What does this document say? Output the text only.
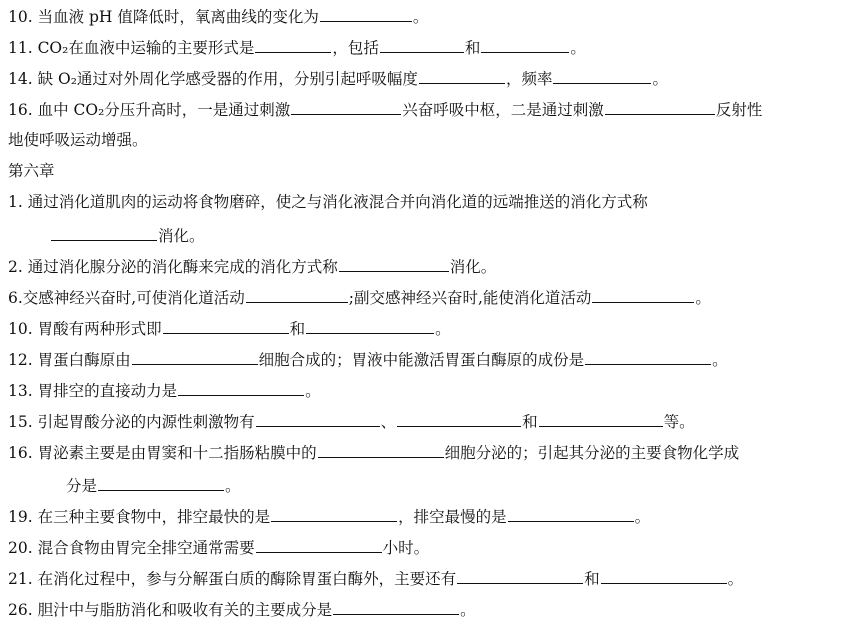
10. 当血液 pH 值降低时，氧离曲线的变化为	。
11. CO₂在血液中运输的主要形式是	，包括	和	。
14. 缺 O₂通过对外周化学感受器的作用，分别引起呼吸幅度	，频率	。
16. 血中 CO₂分压升高时，一是通过刺激	兴奋呼吸中枢，二是通过刺激	反射性
地使呼吸运动增强。
第六章
1. 通过消化道肌肉的运动将食物磨碎，使之与消化液混合并向消化道的远端推送的消化方式称
消化。
2. 通过消化腺分泌的消化酶来完成的消化方式称	消化。
6.交感神经兴奋时,可使消化道活动	;副交感神经兴奋时,能使消化道活动	。
10. 胃酸有两种形式即	和	。
12. 胃蛋白酶原由	细胞合成的；胃液中能激活胃蛋白酶原的成份是	。
13. 胃排空的直接动力是	。
15. 引起胃酸分泌的内源性刺激物有	、	和	等。
16. 胃泌素主要是由胃窦和十二指肠粘膜中的	细胞分泌的；引起其分泌的主要食物化学成
分是	。
19. 在三种主要食物中，排空最快的是	，排空最慢的是	。
20. 混合食物由胃完全排空通常需要	小时。
21. 在消化过程中，参与分解蛋白质的酶除胃蛋白酶外，主要还有	和	。
26. 胆汁中与脂肪消化和吸收有关的主要成分是	。
